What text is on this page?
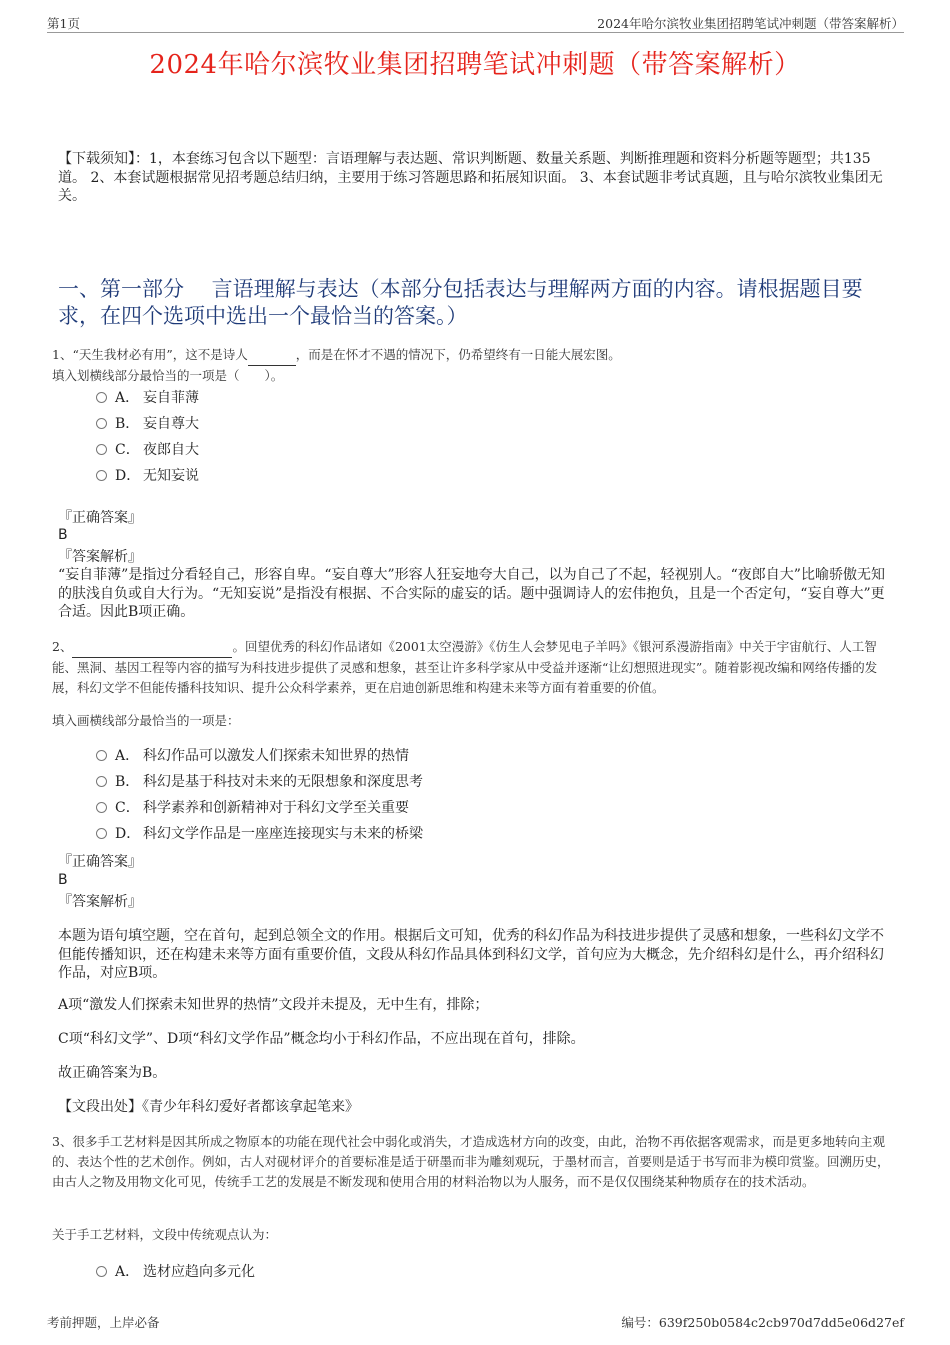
第1页	2024年哈尔滨牧业集团招聘笔试冲刺题（带答案解析）
2024年哈尔滨牧业集团招聘笔试冲刺题（带答案解析）
【下载须知】：1，本套练习包含以下题型：言语理解与表达题、常识判断题、数量关系题、判断推理题和资料分析题等题型；共135道。 2、本套试题根据常见招考题总结归纳，主要用于练习答题思路和拓展知识面。 3、本套试题非考试真题，且与哈尔滨牧业集团无关。
一、第一部分　 言语理解与表达（本部分包括表达与理解两方面的内容。请根据题目要求，在四个选项中选出一个最恰当的答案。）
1、“天生我材必有用”，这不是诗人	，而是在怀才不遇的情况下，仍希望终有一日能大展宏图。
填入划横线部分最恰当的一项是（　　）。
A． 妄自菲薄
B． 妄自尊大
C． 夜郎自大
D． 无知妄说
『正确答案』
B
『答案解析』
“妄自菲薄”是指过分看轻自己，形容自卑。“妄自尊大”形容人狂妄地夸大自己，以为自己了不起，轻视别人。“夜郎自大”比喻骄傲无知的肤浅自负或自大行为。“无知妄说”是指没有根据、不合实际的虚妄的话。题中强调诗人的宏伟抱负，且是一个否定句，“妄自尊大”更合适。因此B项正确。
2、	。回望优秀的科幻作品诸如《2001太空漫游》《仿生人会梦见电子羊吗》《银河系漫游指南》中关于宇宙航行、人工智能、黑洞、基因工程等内容的描写为科技进步提供了灵感和想象，甚至让许多科学家从中受益并逐渐“让幻想照进现实”。随着影视改编和网络传播的发展，科幻文学不但能传播科技知识、提升公众科学素养，更在启迪创新思维和构建未来等方面有着重要的价值。
填入画横线部分最恰当的一项是：
A． 科幻作品可以激发人们探索未知世界的热情
B． 科幻是基于科技对未来的无限想象和深度思考
C． 科学素养和创新精神对于科幻文学至关重要
D． 科幻文学作品是一座座连接现实与未来的桥梁
『正确答案』
B
『答案解析』
本题为语句填空题，空在首句，起到总领全文的作用。根据后文可知，优秀的科幻作品为科技进步提供了灵感和想象，一些科幻文学不但能传播知识，还在构建未来等方面有重要价值，文段从科幻作品具体到科幻文学，首句应为大概念，先介绍科幻是什么，再介绍科幻作品，对应B项。
A项“激发人们探索未知世界的热情”文段并未提及，无中生有，排除；
C项“科幻文学”、D项“科幻文学作品”概念均小于科幻作品，不应出现在首句，排除。
故正确答案为B。
【文段出处】《青少年科幻爱好者都该拿起笔来》
3、很多手工艺材料是因其所成之物原本的功能在现代社会中弱化或消失，才造成选材方向的改变，由此，治物不再依据客观需求，而是更多地转向主观的、表达个性的艺术创作。例如，古人对砚材评介的首要标准是适于研墨而非为雕刻观玩，于墨材而言，首要则是适于书写而非为模印赏鉴。回溯历史，由古人之物及用物文化可见，传统手工艺的发展是不断发现和使用合用的材料治物以为人服务，而不是仅仅围绕某种物质存在的技术活动。
关于手工艺材料，文段中传统观点认为：
A． 选材应趋向多元化
考前押题，上岸必备	编号：639f250b0584c2cb970d7dd5e06d27ef
